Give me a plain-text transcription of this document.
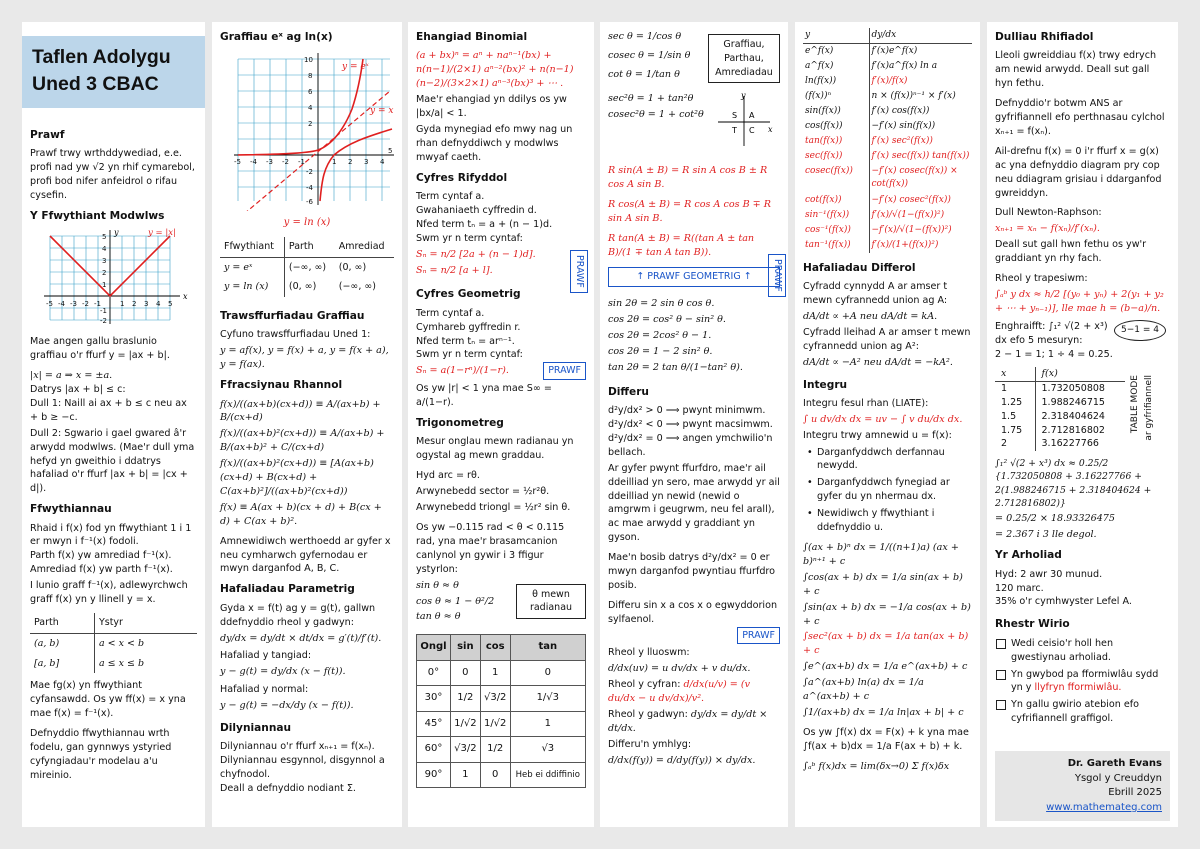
Taflen Adolygu
Uned 3 CBAC
Prawf

Prawf trwy wrthddywediad, e.e. profi nad yw √2 yn rhif cymarebol, profi bod nifer anfeidrol o rifau cysefin.

Y Ffwythiant Modwlws
x
y	y = |x|
-5 -4 -3 -2 -1	1 2 3 4 5
5
4
3
2
1
-1
-2

Mae angen gallu braslunio graffiau o'r ffurf y = |ax + b|.

|x| = a ⇒ x = ±a.

Datrys |ax + b| ≤ c:

Dull 1: Naill ai ax + b ≤ c neu ax + b ≥ −c.

Dull 2: Sgwario i gael gwared â'r arwydd modwlws. (Mae'r dull yma hefyd yn gweithio i ddatrys hafaliad o'r ffurf |ax + b| = |cx + d|).

Ffwythiannau

Rhaid i f(x) fod yn ffwythiant 1 i 1 er mwyn i f⁻¹(x) fodoli.

Parth f(x) yw amrediad f⁻¹(x).

Amrediad f(x) yw parth f⁻¹(x).

I lunio graff f⁻¹(x), adlewyrchwch graff f(x) yn y llinell y = x.

Parth	Ystyr
(a, b)	a < x < b
[a, b]	a ≤ x ≤ b

Mae fg(x) yn ffwythiant cyfansawdd. Os yw ff(x) = x yna mae f(x) = f⁻¹(x).

Defnyddio ffwythiannau wrth fodelu, gan gynnwys ystyried cyfyngiadau'r modelau a'u mireinio.

Graffiau eˣ ag ln(x)
y = eˣ
y = x
-5 -4 -3 -2 -1	1 2 3 4
5
10
8
6
4
2
-2
-4
-6
y = ln (x)
Ffwythiant	Parth	Amrediad
y = eˣ	(−∞, ∞)	(0, ∞)
y = ln (x)	(0, ∞)	(−∞, ∞)
Trawsffurfiadau Graffiau

Cyfuno trawsffurfiadau Uned 1:

y = af(x), y = f(x) + a, y = f(x + a), y = f(ax).

Ffracsiynau Rhannol
f(x)/((ax+b)(cx+d)) ≡ A/(ax+b) + B/(cx+d)
f(x)/((ax+b)²(cx+d)) ≡ A/(ax+b) + B/(ax+b)² + C/(cx+d)
f(x)/((ax+b)²(cx+d)) ≡ [A(ax+b)(cx+d) + B(cx+d) + C(ax+b)²]/((ax+b)²(cx+d))
f(x) ≡ A(ax + b)(cx + d) + B(cx + d) + C(ax + b)².

Amnewidiwch werthoedd ar gyfer x neu cymharwch gyfernodau er mwyn darganfod A, B, C.

Hafaliadau Parametrig

Gyda x = f(t) ag y = g(t), gallwn ddefnyddio rheol y gadwyn:

dy/dx = dy/dt × dt/dx = g′(t)/f′(t).

Hafaliad y tangiad:

y − g(t) = dy/dx (x − f(t)).

Hafaliad y normal:

y − g(t) = −dx/dy (x − f(t)).
Dilyniannau

Dilyniannau o'r ffurf xₙ₊₁ = f(xₙ).

Dilyniannau esgynnol, disgynnol a chyfnodol.

Deall a defnyddio nodiant Σ.

Ehangiad Binomial
(a + bx)ⁿ = aⁿ + naⁿ⁻¹(bx) + n(n−1)/(2×1) aⁿ⁻²(bx)² + n(n−1)(n−2)/(3×2×1) aⁿ⁻³(bx)³ + ⋯ .

Mae'r ehangiad yn ddilys os yw |bx/a| < 1.

Gyda mynegiad efo mwy nag un rhan defnyddiwch y modwlws mwyaf caeth.

Cyfres Rifyddol

Term cyntaf a.

Gwahaniaeth cyffredin d.

Nfed term tₙ = a + (n − 1)d.

Swm yr n term cyntaf:

Sₙ = n/2 [2a + (n − 1)d].
Sₙ = n/2 [a + l].	PRAWF
Cyfres Geometrig

Term cyntaf a.

Cymhareb gyffredin r.

Nfed term tₙ = arⁿ⁻¹.

Swm yr n term cyntaf:

Sₙ = a(1−rⁿ)/(1−r).	PRAWF

Os yw |r| < 1 yna mae S∞ = a/(1−r).

Trigonometreg

Mesur onglau mewn radianau yn ogystal ag mewn graddau.

Hyd arc = rθ.

Arwynebedd sector = ½r²θ.

Arwynebedd triongl = ½r² sin θ.

Os yw −0.115 rad < θ < 0.115 rad, yna mae'r brasamcanion canlynol yn gywir i 3 ffigur ystyrlon:

sin θ ≈ θ
cos θ ≈ 1 − θ²/2
tan θ ≈ θ
θ mewn radianau
Ongl	sin	cos	tan
0°	0	1	0
30°	1/2	√3/2	1/√3
45°	1/√2	1/√2	1
60°	√3/2	1/2	√3
90°	1	0	Heb ei ddiffinio
sec θ = 1/cos θ
cosec θ = 1/sin θ
cot θ = 1/tan θ
sec²θ = 1 + tan²θ
cosec²θ = 1 + cot²θ
Graffiau, Parthau, Amrediadau
y
x
S A
T C
R sin(A ± B) = R sin A cos B ± R cos A sin B.
R cos(A ± B) = R cos A cos B ∓ R sin A sin B.
R tan(A ± B) = R((tan A ± tan B)/(1 ∓ tan A tan B)).
↑ PRAWF GEOMETRIG ↑	PRAWF
sin 2θ = 2 sin θ cos θ.
cos 2θ = cos² θ − sin² θ.
cos 2θ = 2cos² θ − 1.
cos 2θ = 1 − 2 sin² θ.
tan 2θ = 2 tan θ/(1−tan² θ).
Differu

d²y/dx² > 0 ⟹ pwynt minimwm.

d²y/dx² < 0 ⟹ pwynt macsimwm.

d²y/dx² = 0 ⟹ angen ymchwilio'n bellach.

Ar gyfer pwynt ffurfdro, mae'r ail ddeilliad yn sero, mae arwydd yr ail ddeilliad yn newid (newid o amgrwm i geugrwm, neu fel arall), ac mae arwydd y graddiant yn gyson.

Mae'n bosib datrys d²y/dx² = 0 er mwyn darganfod pwyntiau ffurfdro posib.

Differu sin x a cos x o egwyddorion sylfaenol.

PRAWF

Rheol y lluoswm:

d/dx(uv) = u dv/dx + v du/dx.

Rheol y cyfran: d/dx(u/v) = (v du/dx − u dv/dx)/v².

Rheol y gadwyn: dy/dx = dy/dt × dt/dx.

Differu'n ymhlyg:

d/dx(f(y)) = d/dy(f(y)) × dy/dx.
y	dy/dx
e^f(x)	f′(x)e^f(x)
a^f(x)	f′(x)a^f(x) ln a
ln(f(x))	f′(x)/f(x)
(f(x))ⁿ	n × (f(x))ⁿ⁻¹ × f′(x)
sin(f(x))	f′(x) cos(f(x))
cos(f(x))	−f′(x) sin(f(x))
tan(f(x))	f′(x) sec²(f(x))
sec(f(x))	f′(x) sec(f(x)) tan(f(x))
cosec(f(x))	−f′(x) cosec(f(x)) × cot(f(x))
cot(f(x))	−f′(x) cosec²(f(x))
sin⁻¹(f(x))	f′(x)/√(1−(f(x))²)
cos⁻¹(f(x))	−f′(x)/√(1−(f(x))²)
tan⁻¹(f(x))	f′(x)/(1+(f(x))²)
Hafaliadau Differol

Cyfradd cynnydd A ar amser t mewn cyfrannedd union ag A:

dA/dt ∝ +A neu dA/dt = kA.

Cyfradd lleihad A ar amser t mewn cyfrannedd union ag A²:

dA/dt ∝ −A² neu dA/dt = −kA².
Integru

Integru fesul rhan (LIATE):

∫ u dv/dx dx = uv − ∫ v du/dx dx.

Integru trwy amnewid u = f(x):

• Darganfyddwch derfannau newydd.
• Darganfyddwch fynegiad ar gyfer du yn nhermau dx.
• Newidiwch y ffwythiant i ddefnyddio u.
∫(ax + b)ⁿ dx = 1/((n+1)a) (ax + b)ⁿ⁺¹ + c
∫cos(ax + b) dx = 1/a sin(ax + b) + c
∫sin(ax + b) dx = −1/a cos(ax + b) + c
∫sec²(ax + b) dx = 1/a tan(ax + b) + c
∫e^(ax+b) dx = 1/a e^(ax+b) + c
∫a^(ax+b) ln(a) dx = 1/a a^(ax+b) + c
∫1/(ax+b) dx = 1/a ln|ax + b| + c

Os yw ∫f(x) dx = F(x) + k yna mae ∫f(ax + b)dx = 1/a F(ax + b) + k.

∫ₐᵇ f(x)dx = lim(δx→0) Σ f(x)δx
Dulliau Rhifiadol

Lleoli gwreiddiau f(x) trwy edrych am newid arwydd. Deall sut gall hyn fethu.

Defnyddio'r botwm ANS ar gyfrifiannell efo perthnasau cylchol xₙ₊₁ = f(xₙ).

Ail-drefnu f(x) = 0 i'r ffurf x = g(x) ac yna defnyddio diagram pry cop neu ddiagram grisiau i ddarganfod gwreiddyn.

Dull Newton-Raphson:

xₙ₊₁ = xₙ − f(xₙ)/f′(xₙ).

Deall sut gall hwn fethu os yw'r graddiant yn rhy fach.

Rheol y trapesiwm:

∫ₐᵇ y dx ≈ h/2 [(y₀ + yₙ) + 2(y₁ + y₂ + ⋯ + yₙ₋₁)], lle mae h = (b−a)/n.

Enghraifft: ∫₁² √(2 + x³) dx efo 5 mesuryn:

5−1 = 4

2 − 1 = 1; 1 ÷ 4 = 0.25.

x	f(x)
1	1.732050808
1.25	1.988246715
1.5	2.318404624
1.75	2.712816802
2	3.16227766
TABLE MODE ar gyfrifiannell
∫₁² √(2 + x³) dx ≈ 0.25/2 {1.732050808 + 3.16227766 + 2(1.988246715 + 2.318404624 + 2.712816802)}
= 0.25/2 × 18.93326475
= 2.367 i 3 lle degol.
Yr Arholiad

Hyd: 2 awr 30 munud.

120 marc.

35% o'r cymhwyster Lefel A.

Rhestr Wirio
Wedi ceisio'r holl hen gwestiynau arholiad.
Yn gwybod pa fformiwlâu sydd yn y llyfryn fformiwlâu.
Yn gallu gwirio atebion efo cyfrifiannell graffigol.
Dr. Gareth Evans
Ysgol y Creuddyn
Ebrill 2025
www.mathemateg.com
